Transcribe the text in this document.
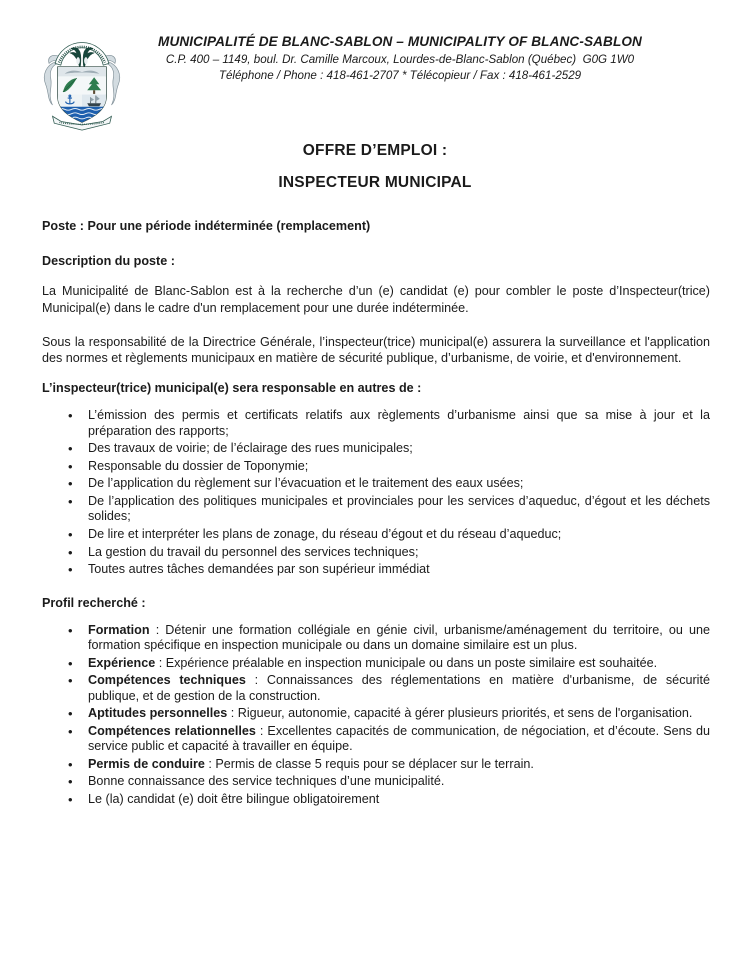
MUNICIPALITÉ DE BLANC-SABLON – MUNICIPALITY OF BLANC-SABLON
C.P. 400 – 1149, boul. Dr. Camille Marcoux, Lourdes-de-Blanc-Sablon (Québec)  G0G 1W0
Téléphone / Phone : 418-461-2707 * Télécopieur / Fax : 418-461-2529
OFFRE D’EMPLOI :
INSPECTEUR MUNICIPAL

Poste : Pour une période indéterminée (remplacement)

Description du poste :

La Municipalité de Blanc-Sablon est à la recherche d’un (e) candidat (e) pour combler le poste d’Inspecteur(trice) Municipal(e) dans le cadre d'un remplacement pour une durée indéterminée.

Sous la responsabilité de la Directrice Générale, l’inspecteur(trice) municipal(e) assurera la surveillance et l'application des normes et règlements municipaux en matière de sécurité publique, d’urbanisme, de voirie, et d'environnement.

L’inspecteur(trice) municipal(e) sera responsable en autres de :

• L’émission des permis et certificats relatifs aux règlements d’urbanisme ainsi que sa mise à jour et la préparation des rapports;
• Des travaux de voirie; de l’éclairage des rues municipales;
• Responsable du dossier de Toponymie;
• De l’application du règlement sur l’évacuation et le traitement des eaux usées;
• De l’application des politiques municipales et provinciales pour les services d’aqueduc, d’égout et les déchets solides;
• De lire et interpréter les plans de zonage, du réseau d’égout et du réseau d’aqueduc;
• La gestion du travail du personnel des services techniques;
• Toutes autres tâches demandées par son supérieur immédiat

Profil recherché :

• Formation : Détenir une formation collégiale en génie civil, urbanisme/aménagement du territoire, ou une formation spécifique en inspection municipale ou dans un domaine similaire est un plus.
• Expérience : Expérience préalable en inspection municipale ou dans un poste similaire est souhaitée.
• Compétences techniques : Connaissances des réglementations en matière d'urbanisme, de sécurité publique, et de gestion de la construction.
• Aptitudes personnelles : Rigueur, autonomie, capacité à gérer plusieurs priorités, et sens de l'organisation.
• Compétences relationnelles : Excellentes capacités de communication, de négociation, et d’écoute. Sens du service public et capacité à travailler en équipe.
• Permis de conduire : Permis de classe 5 requis pour se déplacer sur le terrain.
• Bonne connaissance des service techniques d’une municipalité.
• Le (la) candidat (e) doit être bilingue obligatoirement
